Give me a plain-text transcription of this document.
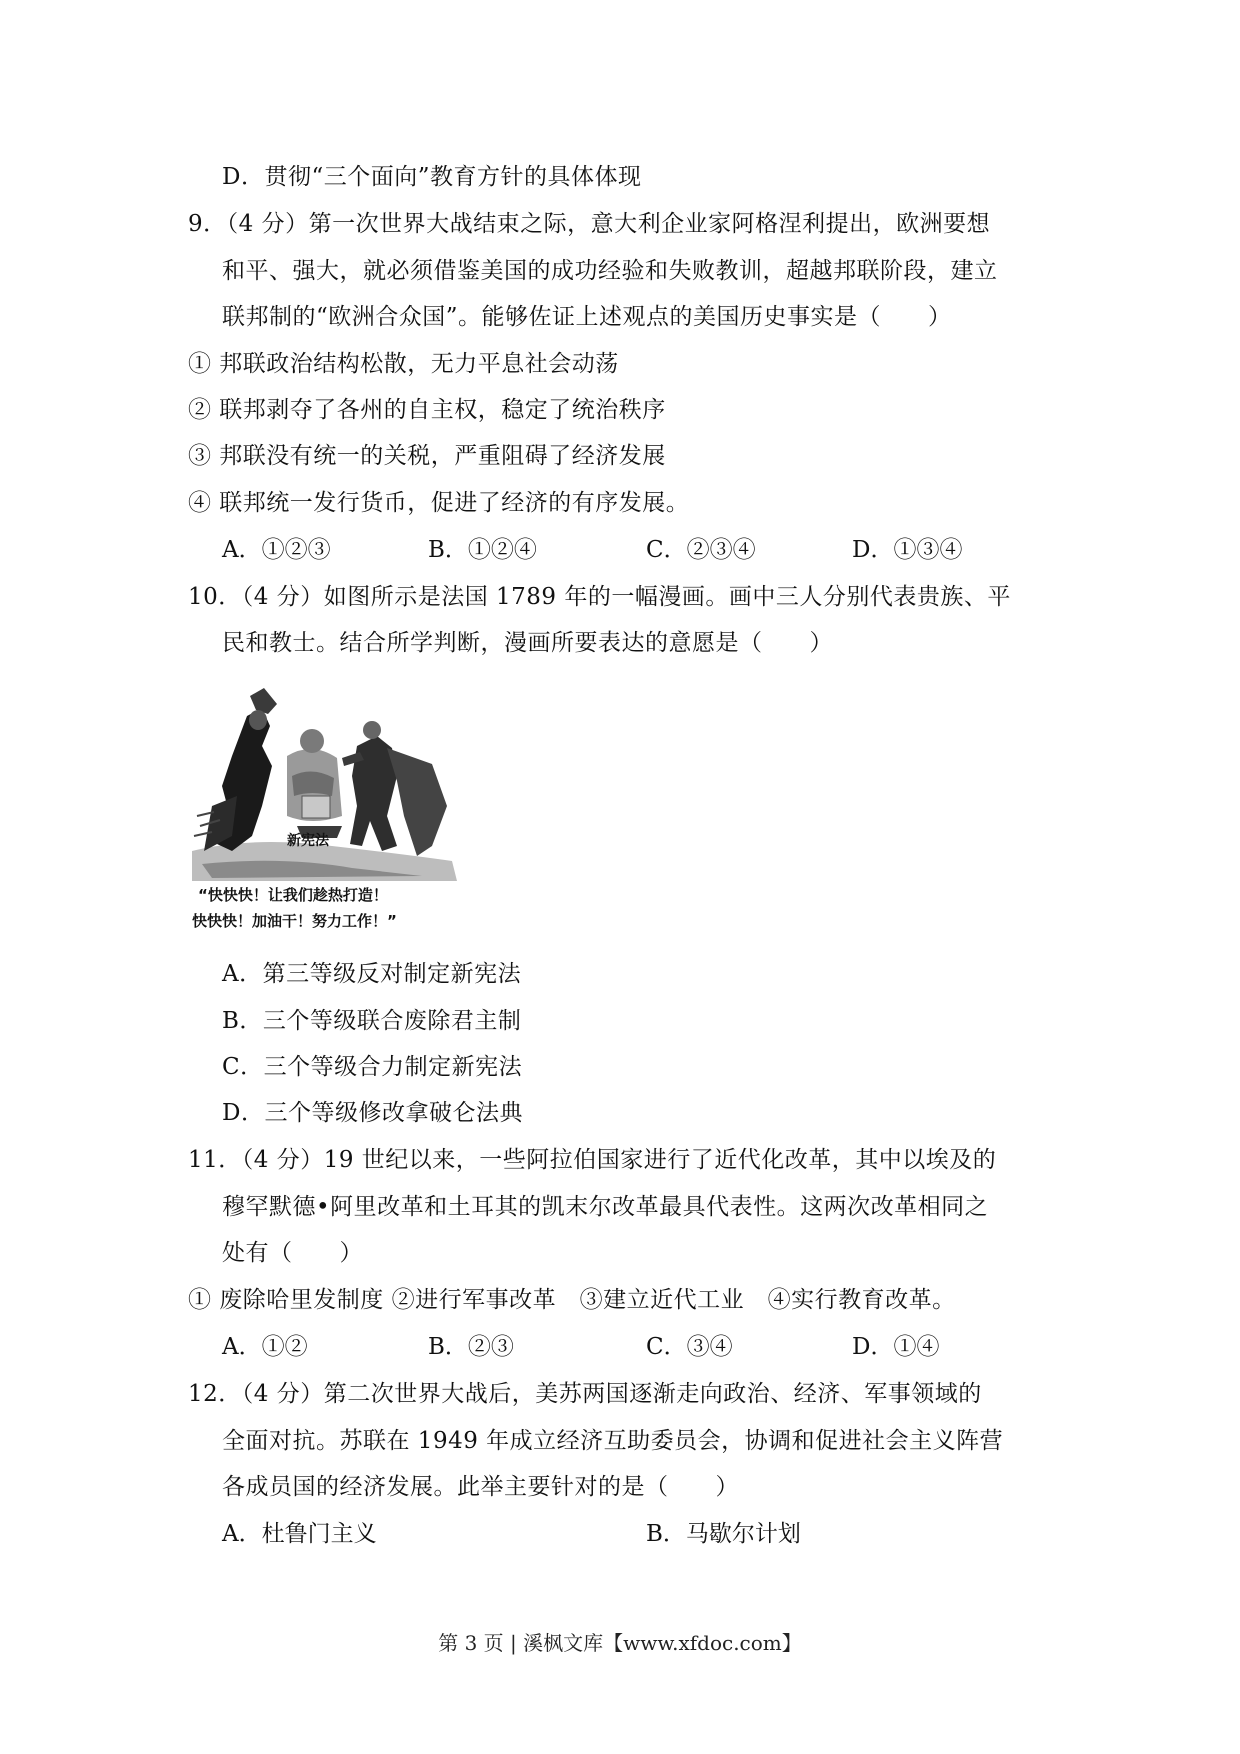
D．贯彻“三个面向”教育方针的具体体现
9．（4 分）第一次世界大战结束之际，意大利企业家阿格涅利提出，欧洲要想
和平、强大，就必须借鉴美国的成功经验和失败教训，超越邦联阶段，建立
联邦制的“欧洲合众国”。能够佐证上述观点的美国历史事实是（　　）
① 邦联政治结构松散，无力平息社会动荡
② 联邦剥夺了各州的自主权，稳定了统治秩序
③ 邦联没有统一的关税，严重阻碍了经济发展
④ 联邦统一发行货币，促进了经济的有序发展。
A．①②③	B．①②④	C．②③④	D．①③④
10．（4 分）如图所示是法国 1789 年的一幅漫画。画中三人分别代表贵族、平
民和教士。结合所学判断，漫画所要表达的意愿是（　　）
新宪法
“快快快！让我们趁热打造！
快快快！加油干！努力工作！”
A．第三等级反对制定新宪法
B．三个等级联合废除君主制
C．三个等级合力制定新宪法
D．三个等级修改拿破仑法典
11．（4 分）19 世纪以来，一些阿拉伯国家进行了近代化改革，其中以埃及的
穆罕默德•阿里改革和土耳其的凯末尔改革最具代表性。这两次改革相同之
处有（　　）
① 废除哈里发制度 ②进行军事改革　③建立近代工业　④实行教育改革。
A．①②	B．②③	C．③④	D．①④
12．（4 分）第二次世界大战后，美苏两国逐渐走向政治、经济、军事领域的
全面对抗。苏联在 1949 年成立经济互助委员会，协调和促进社会主义阵营
各成员国的经济发展。此举主要针对的是（　　）
A．杜鲁门主义	B．马歇尔计划
第 3 页 | 溪枫文库【www.xfdoc.com】
